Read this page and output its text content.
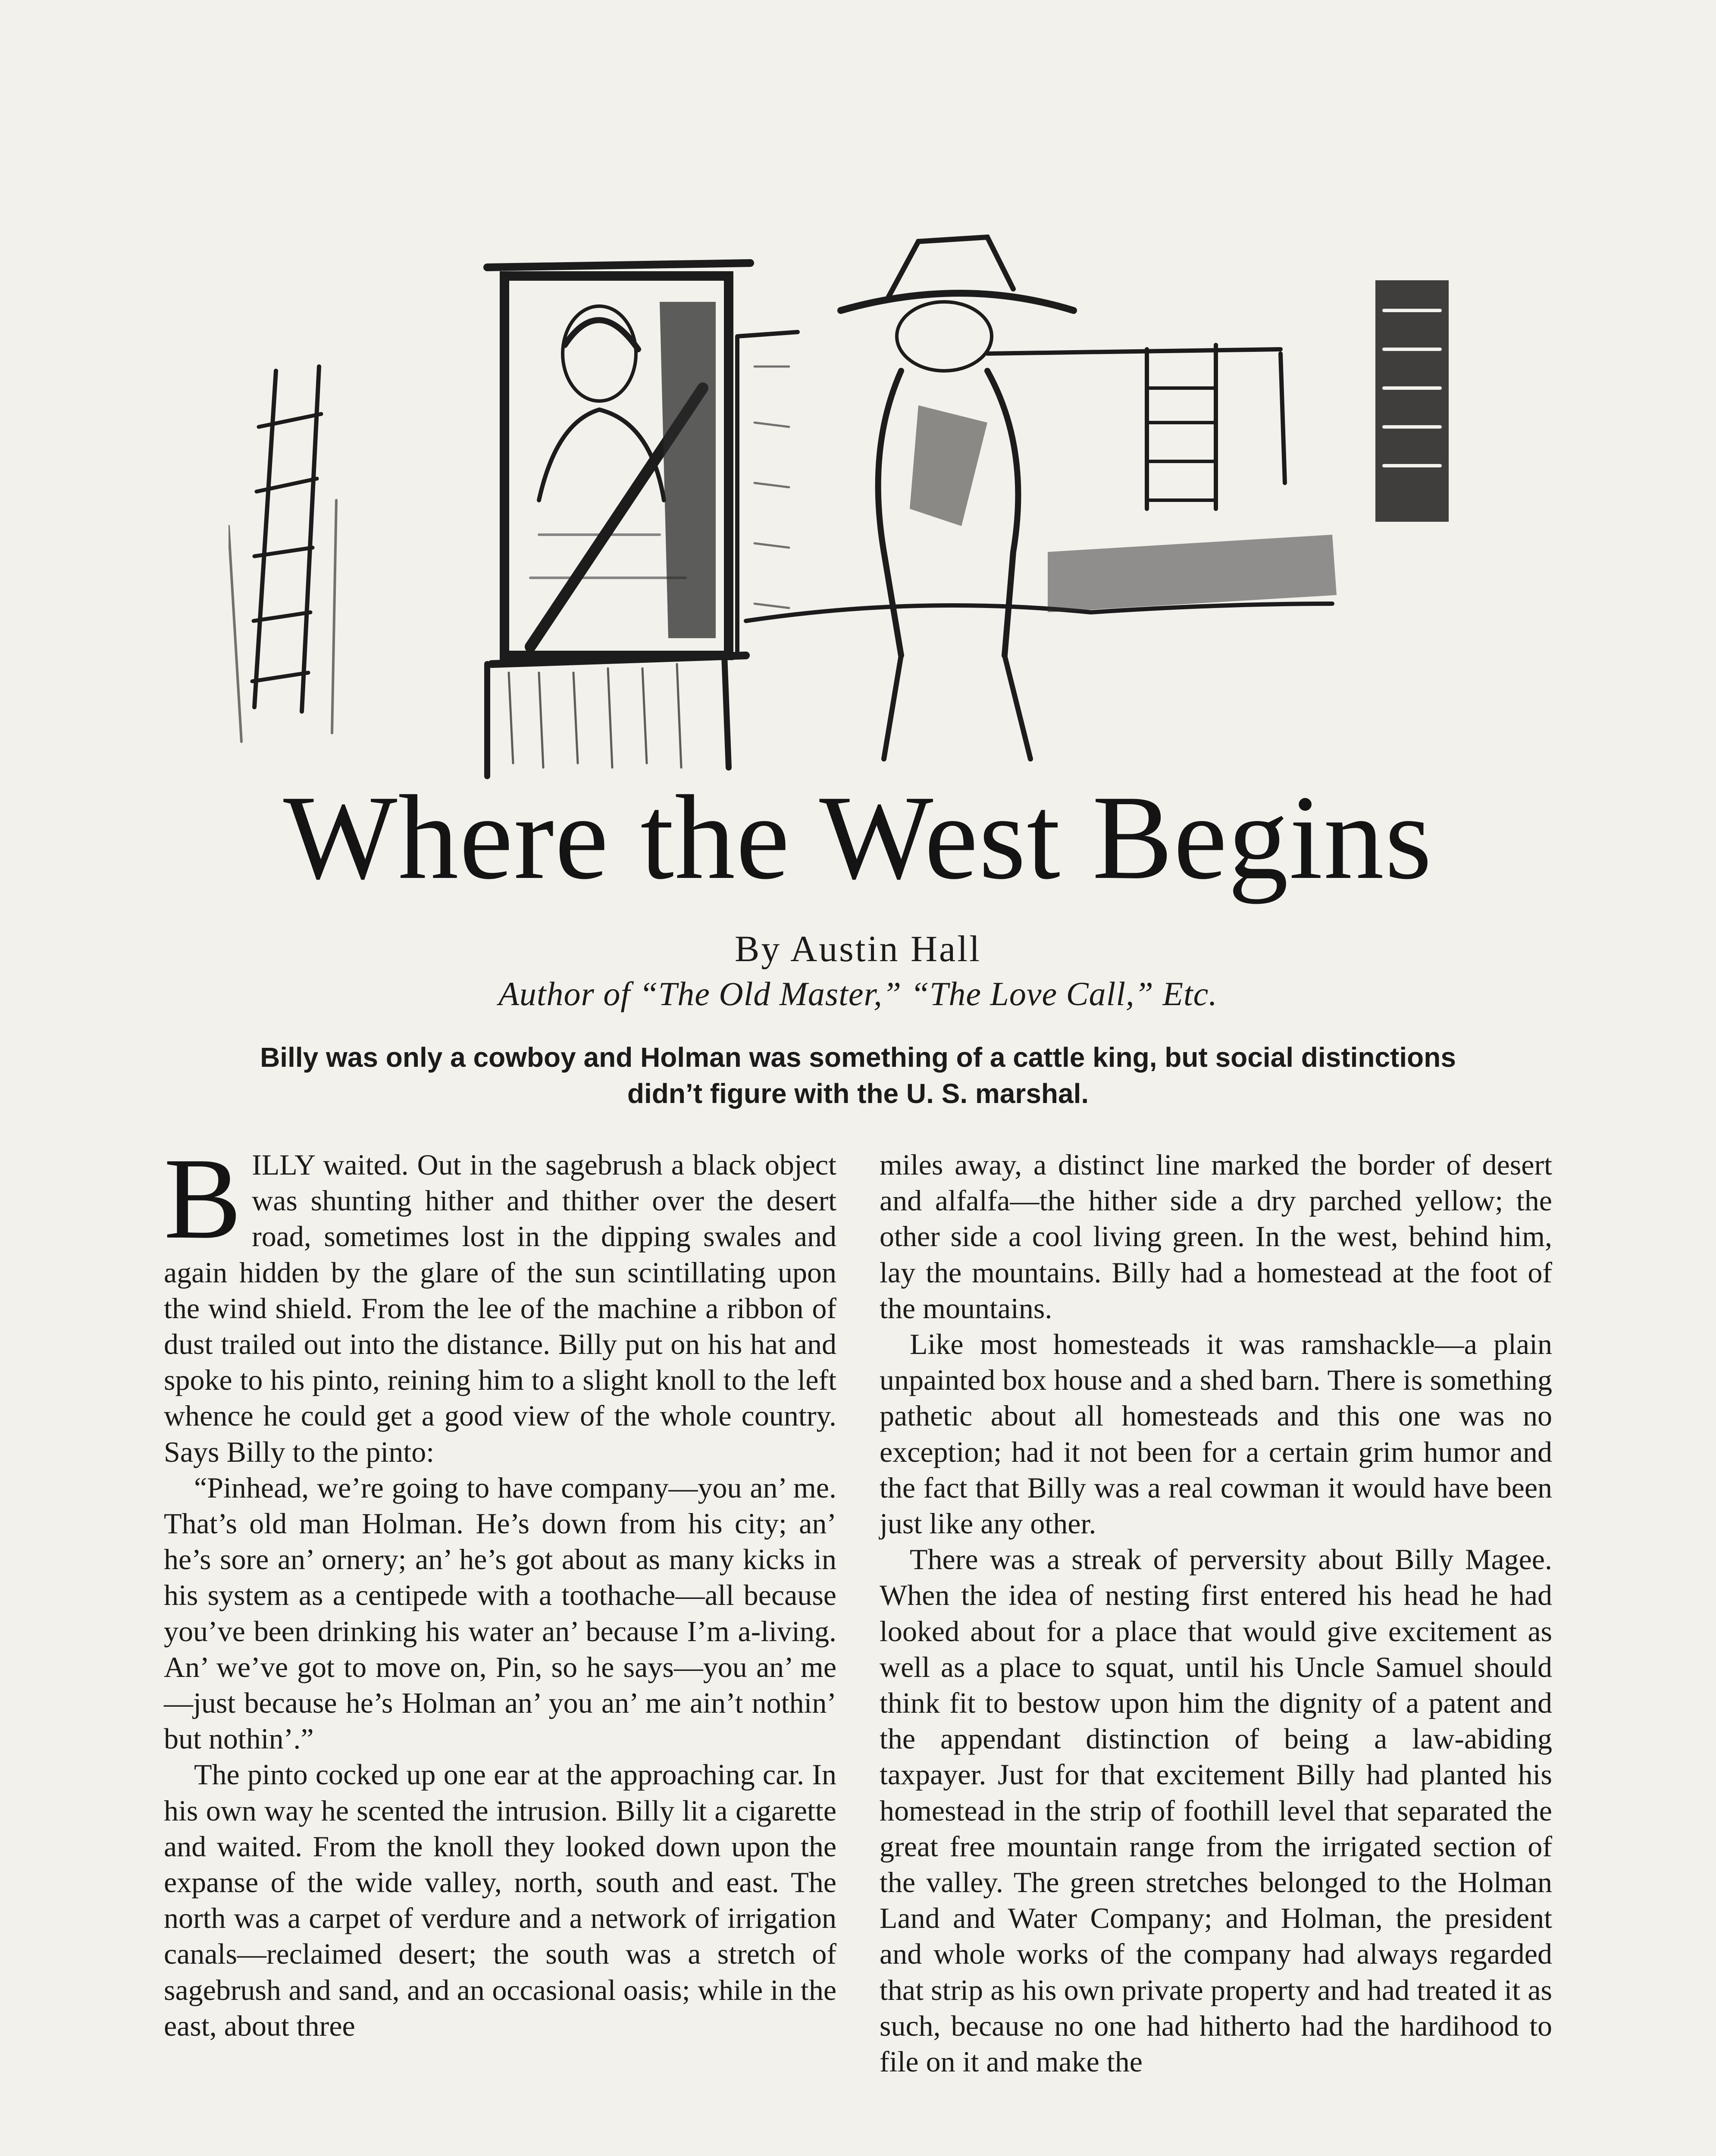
Where the West Begins
By Austin Hall
Author of “The Old Master,” “The Love Call,” Etc.
Billy was only a cowboy and Holman was something of a cattle king, but social distinctions didn’t figure with the U. S. marshal.

BILLY waited. Out in the sagebrush a black object was shunting hither and thither over the desert road, sometimes lost in the dipping swales and again hidden by the glare of the sun scintillating upon the wind shield. From the lee of the machine a ribbon of dust trailed out into the distance. Billy put on his hat and spoke to his pinto, reining him to a slight knoll to the left whence he could get a good view of the whole country. Says Billy to the pinto:

“Pinhead, we’re going to have company—you an’ me. That’s old man Holman. He’s down from his city; an’ he’s sore an’ ornery; an’ he’s got about as many kicks in his system as a centipede with a toothache—all because you’ve been drinking his water an’ because I’m a-living. An’ we’ve got to move on, Pin, so he says—you an’ me—just because he’s Holman an’ you an’ me ain’t nothin’ but nothin’.”

The pinto cocked up one ear at the approaching car. In his own way he scented the intrusion. Billy lit a cigarette and waited. From the knoll they looked down upon the expanse of the wide valley, north, south and east. The north was a carpet of verdure and a network of irrigation canals—reclaimed desert; the south was a stretch of sagebrush and sand, and an occasional oasis; while in the east, about three

miles away, a distinct line marked the border of desert and alfalfa—the hither side a dry parched yellow; the other side a cool living green. In the west, behind him, lay the mountains. Billy had a homestead at the foot of the mountains.

Like most homesteads it was ramshackle—a plain unpainted box house and a shed barn. There is something pathetic about all homesteads and this one was no exception; had it not been for a certain grim humor and the fact that Billy was a real cowman it would have been just like any other.

There was a streak of perversity about Billy Magee. When the idea of nesting first entered his head he had looked about for a place that would give excitement as well as a place to squat, until his Uncle Samuel should think fit to bestow upon him the dignity of a patent and the appendant distinction of being a law-abiding taxpayer. Just for that excitement Billy had planted his homestead in the strip of foothill level that separated the great free mountain range from the irrigated section of the valley. The green stretches belonged to the Holman Land and Water Company; and Holman, the president and whole works of the company had always regarded that strip as his own private property and had treated it as such, because no one had hitherto had the hardihood to file on it and make the
